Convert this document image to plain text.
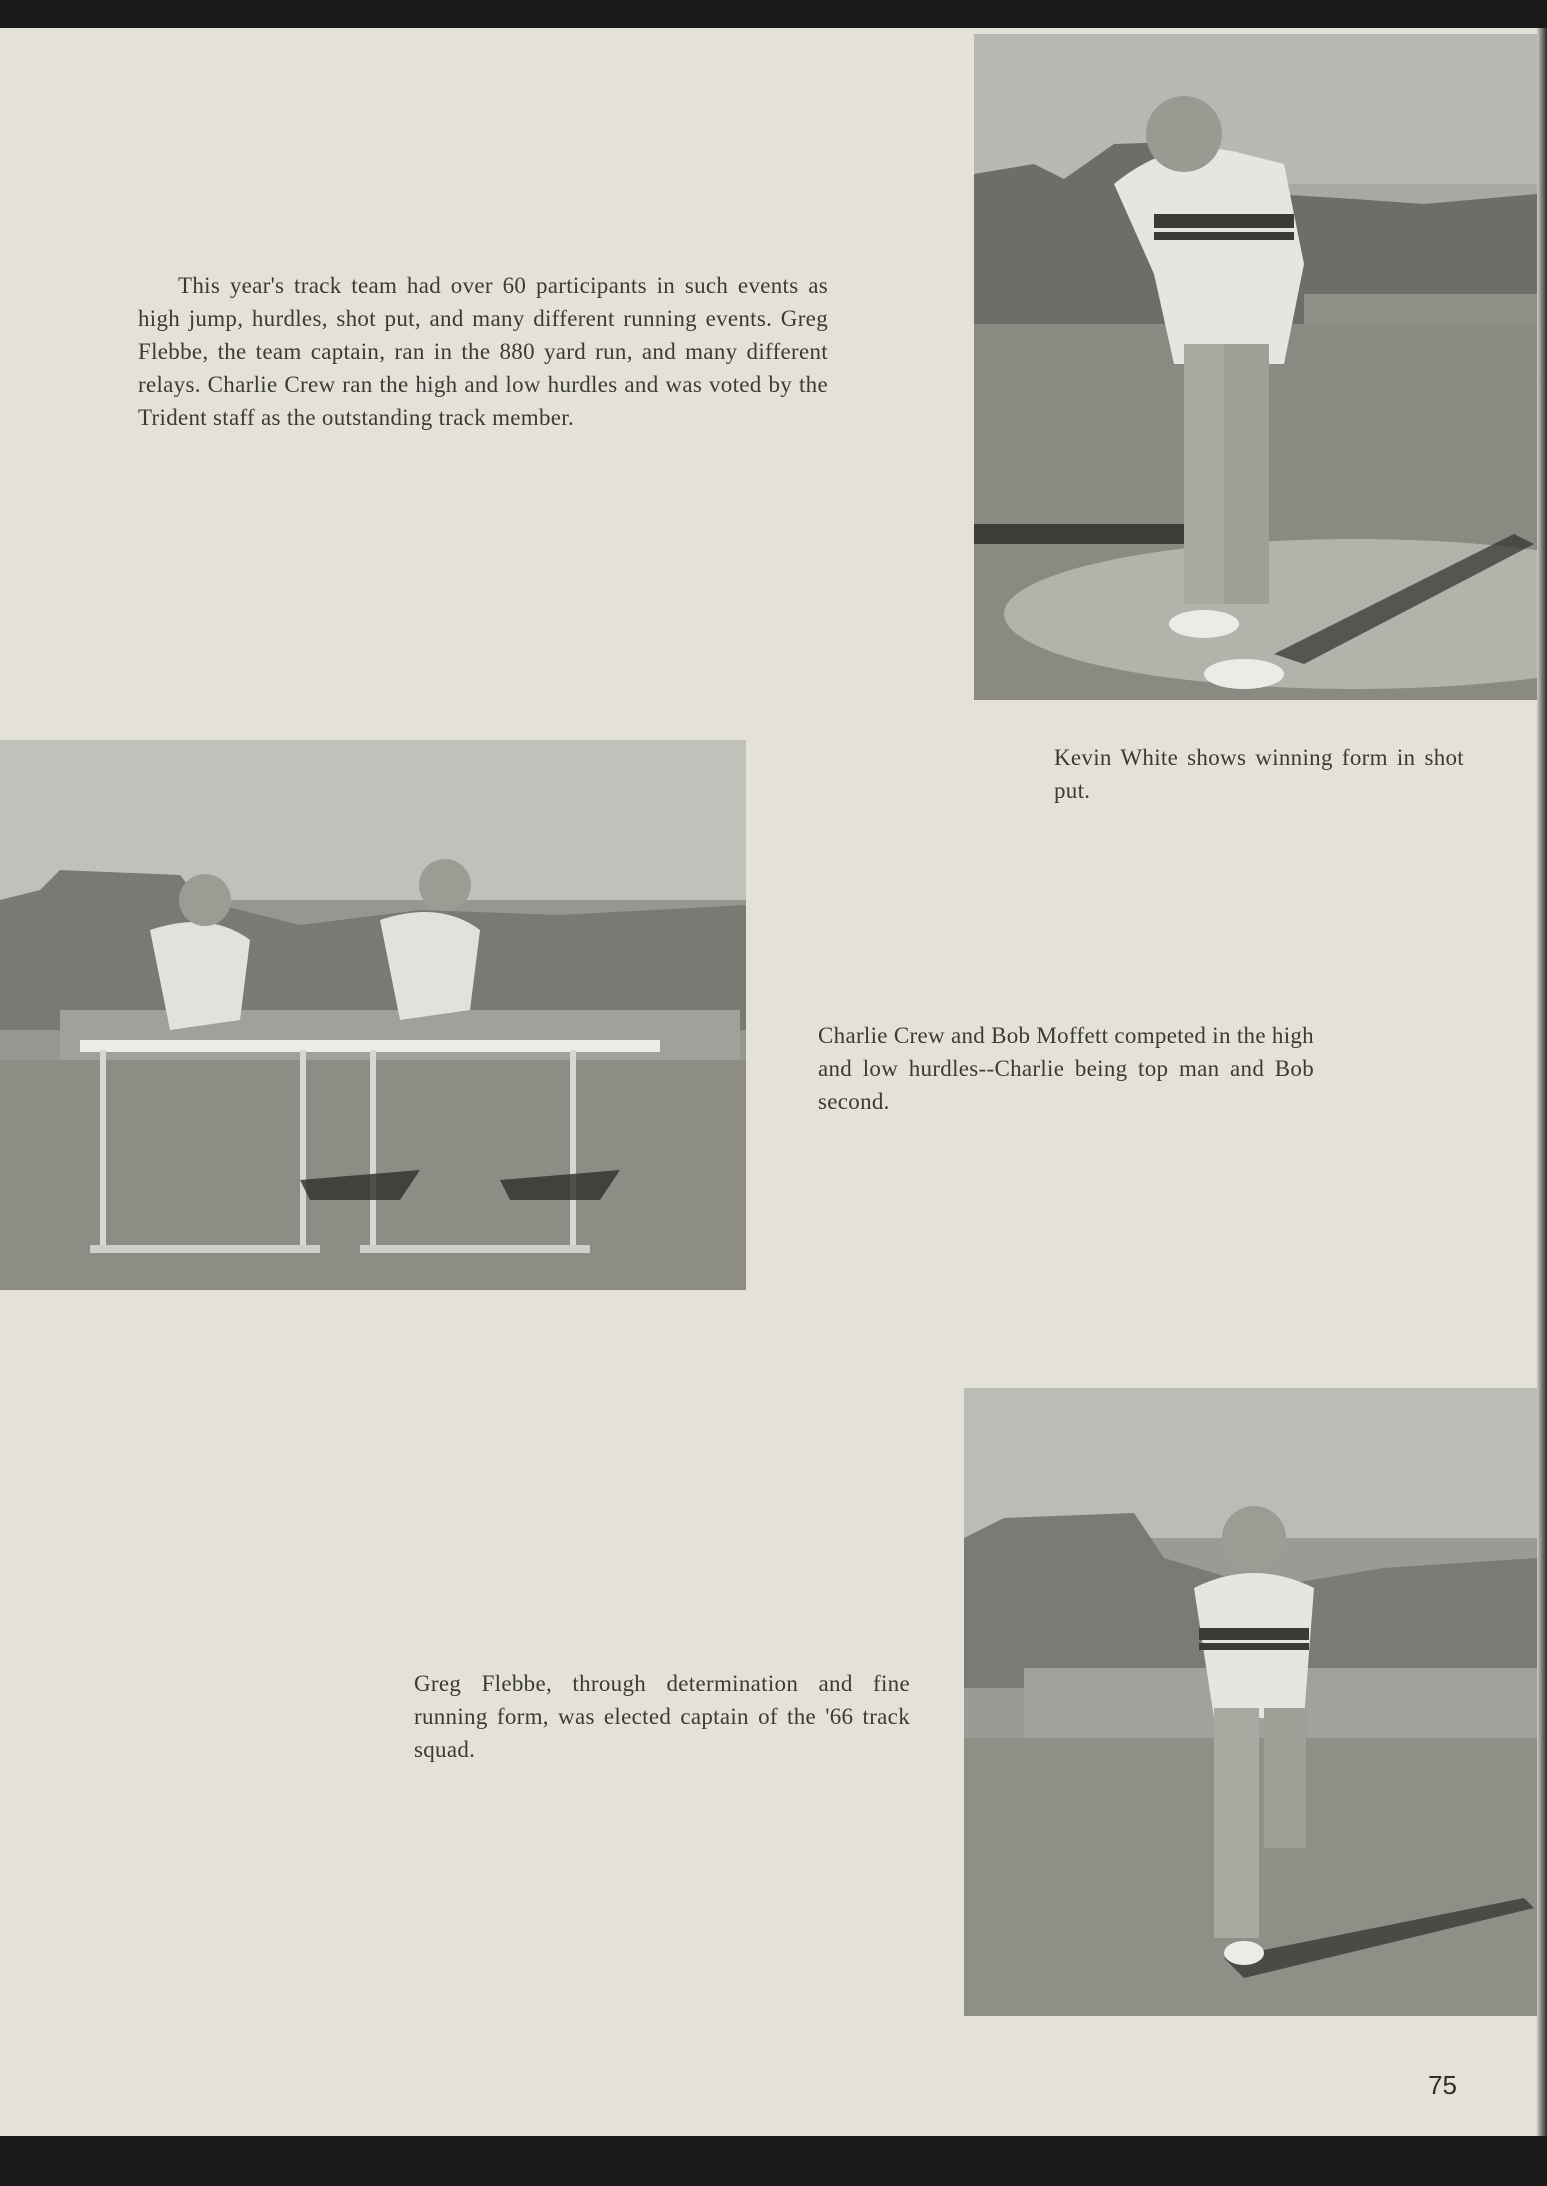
This year's track team had over 60 participants in such events as high jump, hurdles, shot put, and many different running events. Greg Flebbe, the team captain, ran in the 880 yard run, and many different relays. Charlie Crew ran the high and low hurdles and was voted by the Trident staff as the outstanding track member.

Kevin White shows winning form in shot put.

Charlie Crew and Bob Moffett competed in the high and low hurdles--Charlie being top man and Bob second.

Greg Flebbe, through determination and fine running form, was elected captain of the '66 track squad.

75
